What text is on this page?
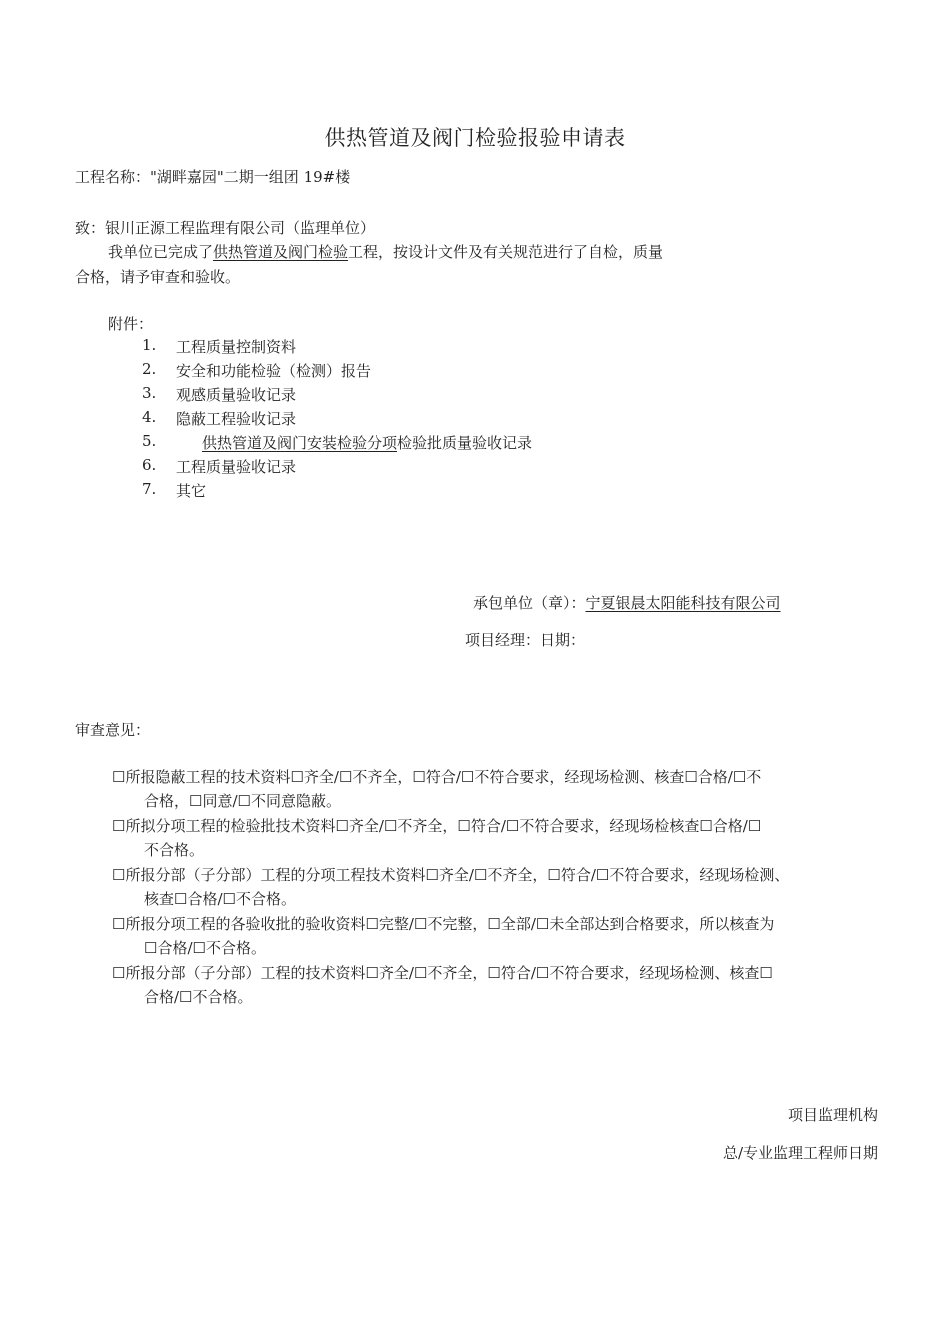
供热管道及阀门检验报验申请表
工程名称："湖畔嘉园"二期一组团 19#楼
致：银川正源工程监理有限公司（监理单位）
我单位已完成了供热管道及阀门检验工程，按设计文件及有关规范进行了自检，质量
合格，请予审查和验收。
附件：
1.	工程质量控制资料
2.	安全和功能检验（检测）报告
3.	观感质量验收记录
4.	隐蔽工程验收记录
5.	供热管道及阀门安装检验分项检验批质量验收记录
6.	工程质量验收记录
7.	其它
承包单位（章）：宁夏银晨太阳能科技有限公司
项目经理：日期：
审查意见：
☐所报隐蔽工程的技术资料☐齐全/☐不齐全，☐符合/☐不符合要求，经现场检测、核查☐合格/☐不
合格，☐同意/☐不同意隐蔽。
☐所拟分项工程的检验批技术资料☐齐全/☐不齐全，☐符合/☐不符合要求，经现场检核查☐合格/☐
不合格。
☐所报分部（子分部）工程的分项工程技术资料☐齐全/☐不齐全，☐符合/☐不符合要求，经现场检测、
核查☐合格/☐不合格。
☐所报分项工程的各验收批的验收资料☐完整/☐不完整，☐全部/☐未全部达到合格要求，所以核查为
☐合格/☐不合格。
☐所报分部（子分部）工程的技术资料☐齐全/☐不齐全，☐符合/☐不符合要求，经现场检测、核查☐
合格/☐不合格。
项目监理机构
总/专业监理工程师日期
